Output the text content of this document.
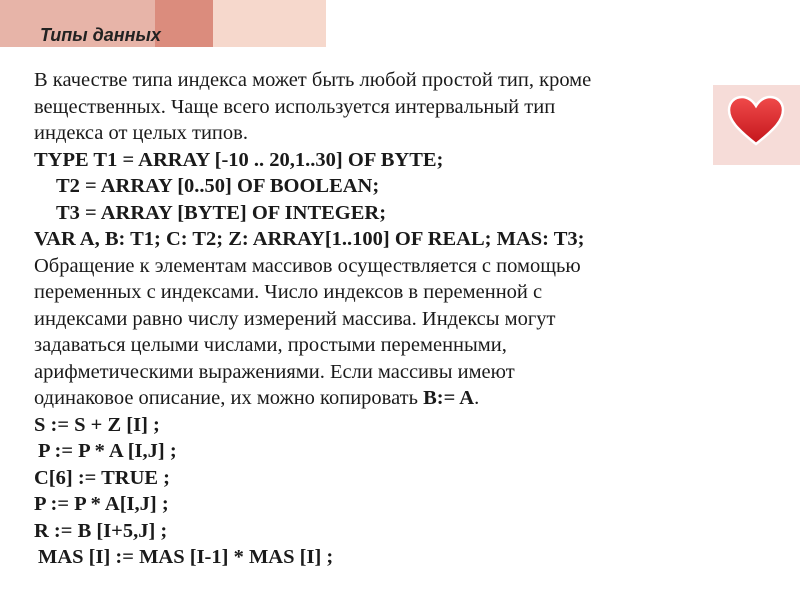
Типы данных
В качестве типа индекса может быть любой простой тип, кроме
вещественных. Чаще всего используется интервальный тип
индекса от целых типов.
TYPE T1 = ARRAY [-10 .. 20,1..30] OF BYTE;
T2 = ARRAY [0..50] OF BOOLEAN;
T3 = ARRAY [BYTE] OF INTEGER;
VAR A, B: T1; C: T2; Z: ARRAY[1..100] OF REAL; MAS: T3;
Обращение к элементам массивов осуществляется с помощью
переменных с индексами. Число индексов в переменной с
индексами равно числу измерений массива. Индексы могут
задаваться целыми числами, простыми переменными,
арифметическими выражениями. Если массивы имеют
одинаковое описание, их можно копировать B:= A.
S := S + Z [I] ;
P := P * A [I,J] ;
C[6] := TRUE ;
P := P * A[I,J] ;
R := B [I+5,J] ;
MAS [I] := MAS [I-1] * MAS [I] ;
